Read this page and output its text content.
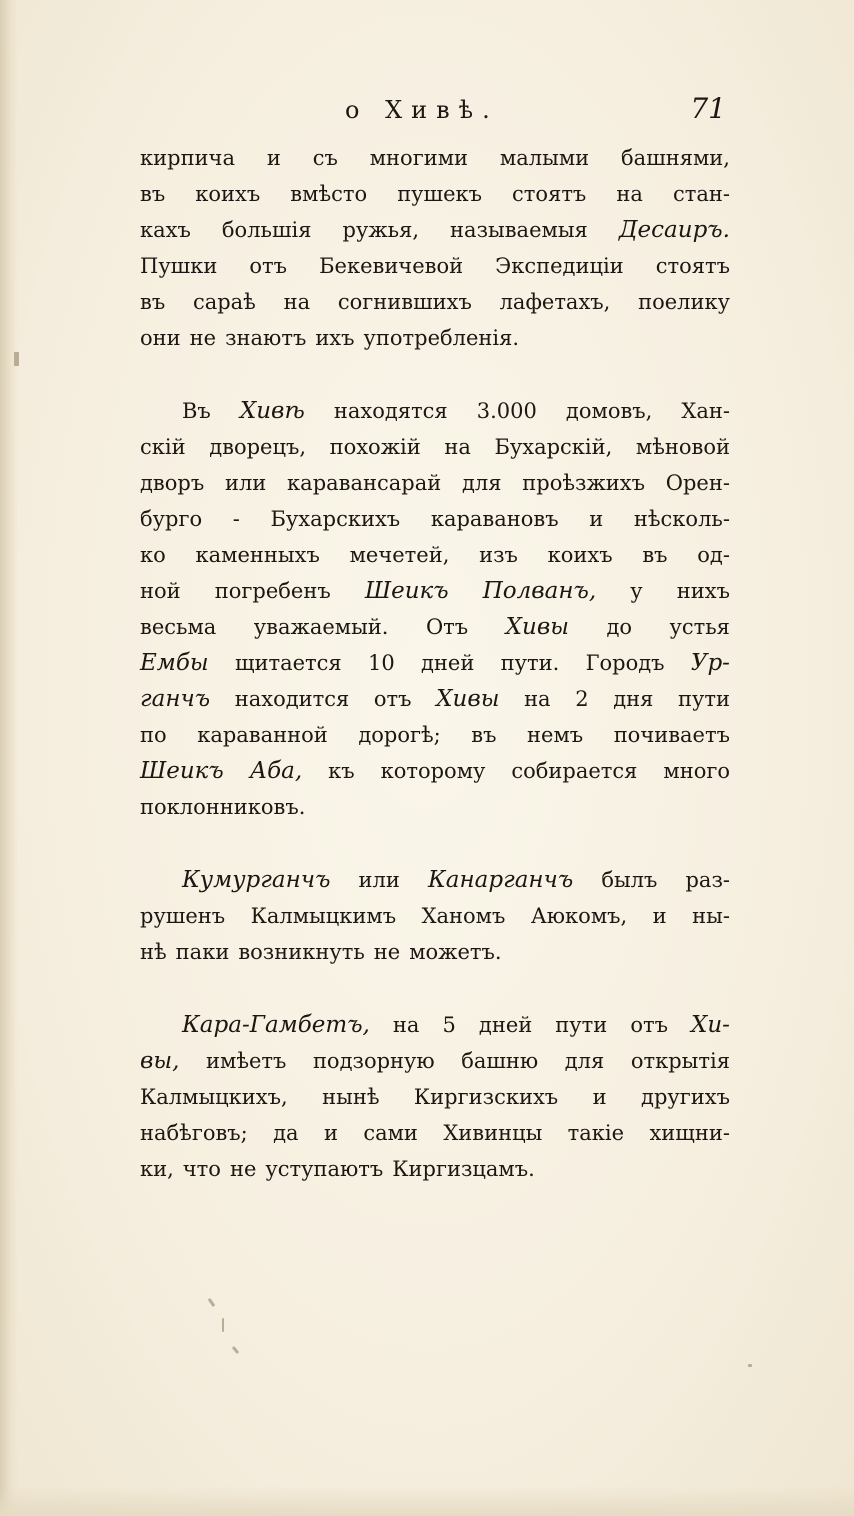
о Хивѣ.	71
кирпича и съ многими малыми башнями,
въ коихъ вмѣсто пушекъ стоятъ на стан-
кахъ большія ружья, называемыя Десаиръ.
Пушки отъ Бекевичевой Экспедиціи стоятъ
въ сараѣ на согнившихъ лафетахъ, поелику
они не знаютъ ихъ употребленія.
Въ Хивѣ находятся 3.000 домовъ, Хан-
скій дворецъ, похожій на Бухарскій, мѣновой
дворъ или каравансарай для проѣзжихъ Орен-
бурго - Бухарскихъ каравановъ и нѣсколь-
ко каменныхъ мечетей, изъ коихъ въ од-
ной погребенъ Шеикъ Полванъ, у нихъ
весьма уважаемый. Отъ Хивы до устья
Ембы щитается 10 дней пути. Городъ Ур-
ганчъ находится отъ Хивы на 2 дня пути
по караванной дорогѣ; въ немъ почиваетъ
Шеикъ Аба, къ которому собирается много
поклонниковъ.
Кумурганчъ или Канарганчъ былъ раз-
рушенъ Калмыцкимъ Ханомъ Аюкомъ, и ны-
нѣ паки возникнуть не можетъ.
Кара-Гамбетъ, на 5 дней пути отъ Хи-
вы, имѣетъ подзорную башню для открытія
Калмыцкихъ, нынѣ Киргизскихъ и другихъ
набѣговъ; да и сами Хивинцы такіе хищни-
ки, что не уступаютъ Киргизцамъ.
